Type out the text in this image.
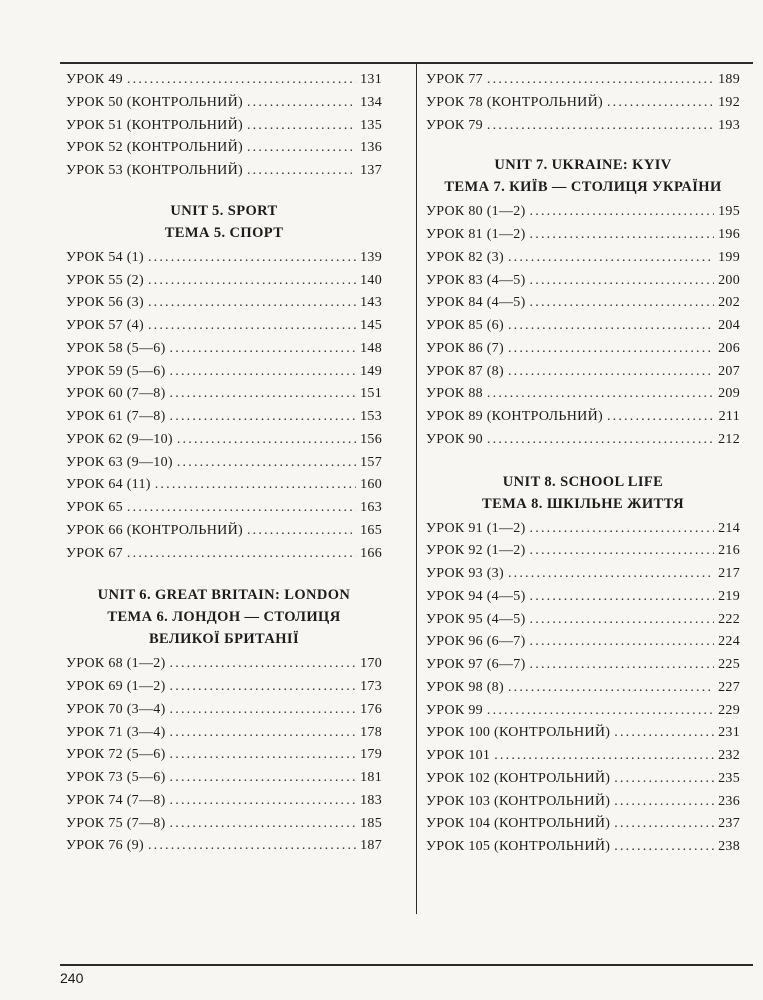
УРОК 49 .....	131
УРОК 50 (КОНТРОЛЬНИЙ) .....	134
УРОК 51 (КОНТРОЛЬНИЙ) .....	135
УРОК 52 (КОНТРОЛЬНИЙ) .....	136
УРОК 53 (КОНТРОЛЬНИЙ) .....	137
UNIT 5. SPORT
ТЕМА 5. СПОРТ
УРОК 54 (1) .....	139
УРОК 55 (2) .....	140
УРОК 56 (3) .....	143
УРОК 57 (4) .....	145
УРОК 58 (5—6) .....	148
УРОК 59 (5—6) .....	149
УРОК 60 (7—8) .....	151
УРОК 61 (7—8) .....	153
УРОК 62 (9—10) .....	156
УРОК 63 (9—10) .....	157
УРОК 64 (11) .....	160
УРОК 65 .....	163
УРОК 66 (КОНТРОЛЬНИЙ) .....	165
УРОК 67 .....	166
UNIT 6. GREAT BRITAIN: LONDON
ТЕМА 6. ЛОНДОН — СТОЛИЦЯ
ВЕЛИКОЇ БРИТАНІЇ
УРОК 68 (1—2) .....	170
УРОК 69 (1—2) .....	173
УРОК 70 (3—4) .....	176
УРОК 71 (3—4) .....	178
УРОК 72 (5—6) .....	179
УРОК 73 (5—6) .....	181
УРОК 74 (7—8) .....	183
УРОК 75 (7—8) .....	185
УРОК 76 (9) .....	187
УРОК 77 .....	189
УРОК 78 (КОНТРОЛЬНИЙ) .....	192
УРОК 79 .....	193
UNIT 7. UKRAINE: KYIV
ТЕМА 7. КИЇВ — СТОЛИЦЯ УКРАЇНИ
УРОК 80 (1—2) .....	195
УРОК 81 (1—2) .....	196
УРОК 82 (3) .....	199
УРОК 83 (4—5) .....	200
УРОК 84 (4—5) .....	202
УРОК 85 (6) .....	204
УРОК 86 (7) .....	206
УРОК 87 (8) .....	207
УРОК 88 .....	209
УРОК 89 (КОНТРОЛЬНИЙ) .....	211
УРОК 90 .....	212
UNIT 8. SCHOOL LIFE
ТЕМА 8. ШКІЛЬНЕ ЖИТТЯ
УРОК 91 (1—2) .....	214
УРОК 92 (1—2) .....	216
УРОК 93 (3) .....	217
УРОК 94 (4—5) .....	219
УРОК 95 (4—5) .....	222
УРОК 96 (6—7) .....	224
УРОК 97 (6—7) .....	225
УРОК 98 (8) .....	227
УРОК 99 .....	229
УРОК 100 (КОНТРОЛЬНИЙ) .....	231
УРОК 101 .....	232
УРОК 102 (КОНТРОЛЬНИЙ) .....	235
УРОК 103 (КОНТРОЛЬНИЙ) .....	236
УРОК 104 (КОНТРОЛЬНИЙ) .....	237
УРОК 105 (КОНТРОЛЬНИЙ) .....	238
240
